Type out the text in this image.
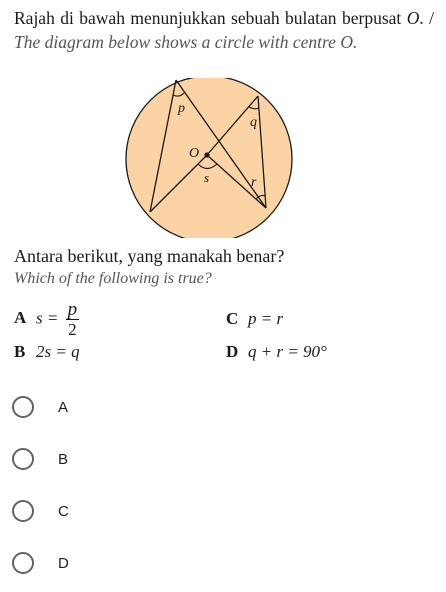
Rajah di bawah menunjukkan sebuah bulatan berpusat O. / The diagram below shows a circle with centre O.
p
q
O
s	r
Antara berikut, yang manakah benar?
Which of the following is true?
A $s = \frac{p}{2}$	C p = r
B 2s = q	D q + r = 90°
A
B
C
D
